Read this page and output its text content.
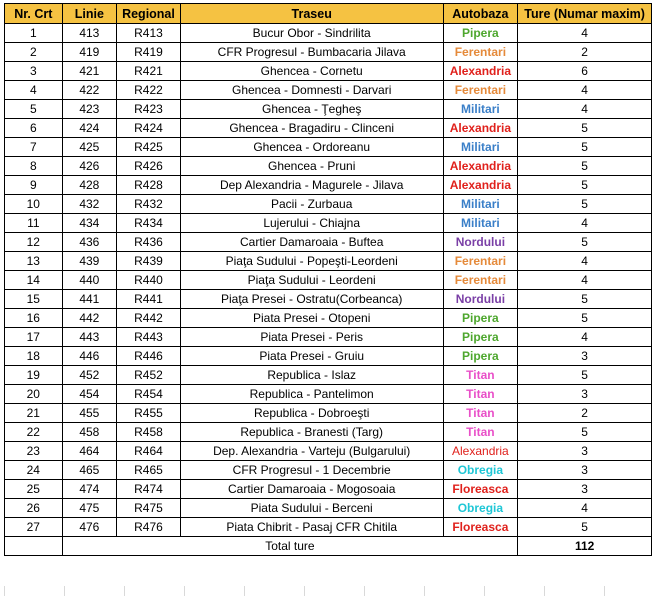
Nr. Crt	Linie	Regional	Traseu	Autobaza	Ture (Numar maxim)
1	413	R413	Bucur Obor - Sindrilita	Pipera	4
2	419	R419	CFR Progresul - Bumbacaria Jilava	Ferentari	2
3	421	R421	Ghencea - Cornetu	Alexandria	6
4	422	R422	Ghencea - Domnesti - Darvari	Ferentari	4
5	423	R423	Ghencea - Ţegheş	Militari	4
6	424	R424	Ghencea - Bragadiru - Clinceni	Alexandria	5
7	425	R425	Ghencea - Ordoreanu	Militari	5
8	426	R426	Ghencea - Pruni	Alexandria	5
9	428	R428	Dep Alexandria - Magurele - Jilava	Alexandria	5
10	432	R432	Pacii - Zurbaua	Militari	5
11	434	R434	Lujerului - Chiajna	Militari	4
12	436	R436	Cartier Damaroaia - Buftea	Nordului	5
13	439	R439	Piaţa Sudului - Popeşti-Leordeni	Ferentari	4
14	440	R440	Piaţa Sudului - Leordeni	Ferentari	4
15	441	R441	Piaţa Presei - Ostratu(Corbeanca)	Nordului	5
16	442	R442	Piata Presei - Otopeni	Pipera	5
17	443	R443	Piata Presei - Peris	Pipera	4
18	446	R446	Piata Presei - Gruiu	Pipera	3
19	452	R452	Republica - Islaz	Titan	5
20	454	R454	Republica - Pantelimon	Titan	3
21	455	R455	Republica - Dobroeşti	Titan	2
22	458	R458	Republica - Branesti (Targ)	Titan	5
23	464	R464	Dep. Alexandria - Varteju (Bulgarului)	Alexandria	3
24	465	R465	CFR Progresul - 1 Decembrie	Obregia	3
25	474	R474	Cartier Damaroaia - Mogosoaia	Floreasca	3
26	475	R475	Piata Sudului - Berceni	Obregia	4
27	476	R476	Piata Chibrit - Pasaj CFR Chitila	Floreasca	5
	Total ture				112
